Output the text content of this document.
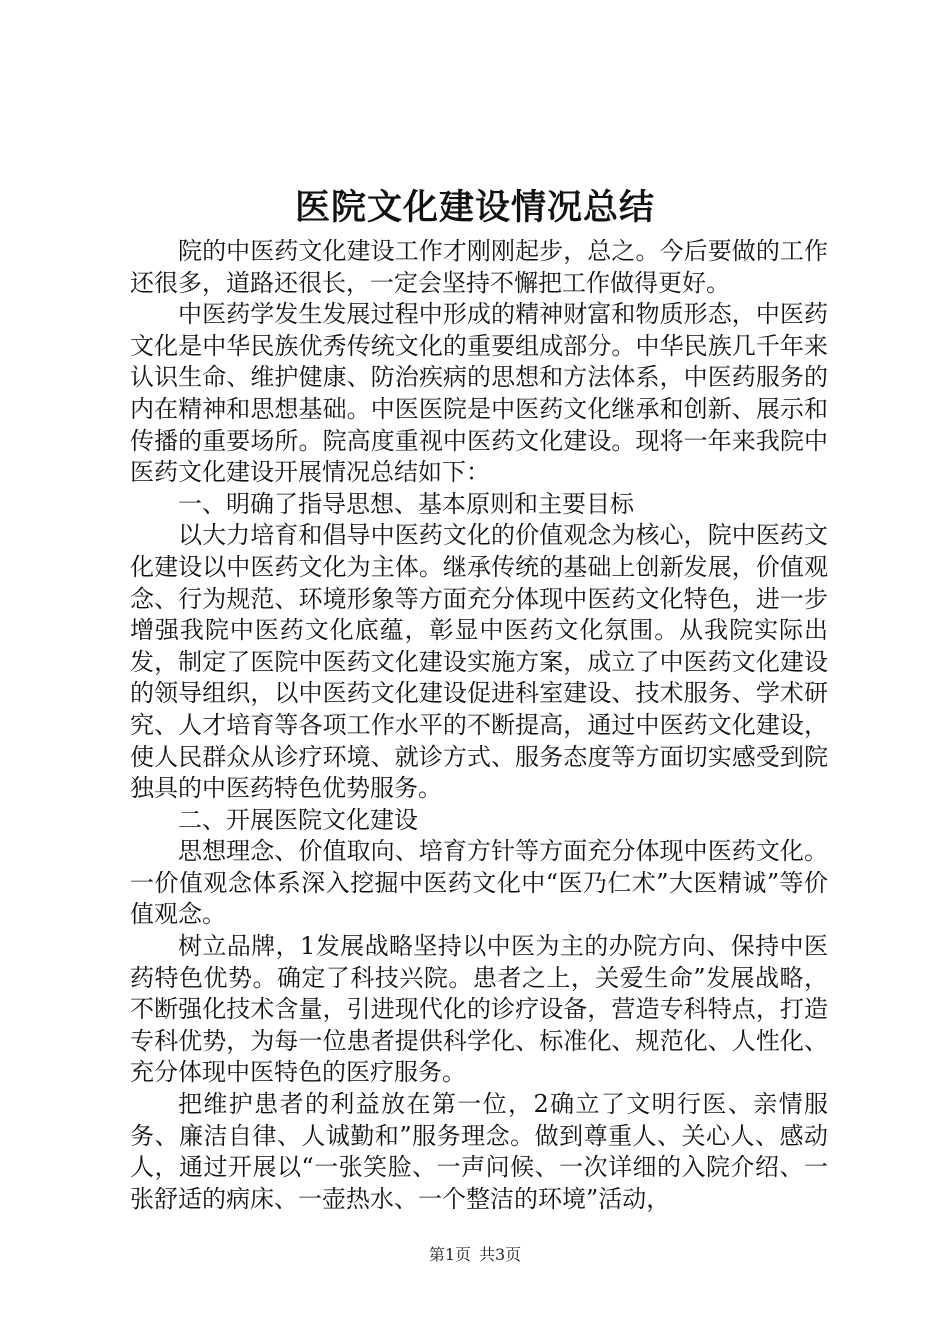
医院文化建设情况总结

院的中医药文化建设工作才刚刚起步，总之。今后要做的工作还很多，道路还很长，一定会坚持不懈把工作做得更好。

中医药学发生发展过程中形成的精神财富和物质形态，中医药文化是中华民族优秀传统文化的重要组成部分。中华民族几千年来认识生命、维护健康、防治疾病的思想和方法体系，中医药服务的内在精神和思想基础。中医医院是中医药文化继承和创新、展示和传播的重要场所。院高度重视中医药文化建设。现将一年来我院中医药文化建设开展情况总结如下：

一、明确了指导思想、基本原则和主要目标

以大力培育和倡导中医药文化的价值观念为核心，院中医药文化建设以中医药文化为主体。继承传统的基础上创新发展，价值观念、行为规范、环境形象等方面充分体现中医药文化特色，进一步增强我院中医药文化底蕴，彰显中医药文化氛围。从我院实际出发，制定了医院中医药文化建设实施方案，成立了中医药文化建设的领导组织，以中医药文化建设促进科室建设、技术服务、学术研究、人才培育等各项工作水平的不断提高，通过中医药文化建设，使人民群众从诊疗环境、就诊方式、服务态度等方面切实感受到院独具的中医药特色优势服务。

二、开展医院文化建设

思想理念、价值取向、培育方针等方面充分体现中医药文化。一价值观念体系深入挖掘中医药文化中“医乃仁术”大医精诚”等价值观念。

树立品牌，1发展战略坚持以中医为主的办院方向、保持中医药特色优势。确定了科技兴院。患者之上，关爱生命”发展战略，不断强化技术含量，引进现代化的诊疗设备，营造专科特点，打造专科优势，为每一位患者提供科学化、标准化、规范化、人性化、充分体现中医特色的医疗服务。

把维护患者的利益放在第一位，2确立了文明行医、亲情服务、廉洁自律、人诚勤和”服务理念。做到尊重人、关心人、感动人，通过开展以“一张笑脸、一声问候、一次详细的入院介绍、一张舒适的病床、一壶热水、一个整洁的环境”活动，

第1页 共3页
